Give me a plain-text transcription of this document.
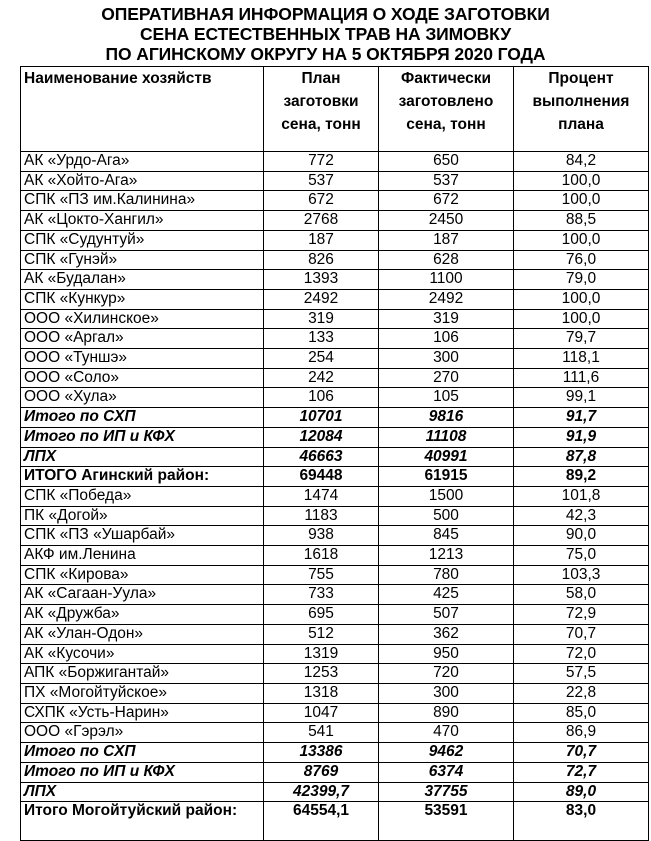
ОПЕРАТИВНАЯ ИНФОРМАЦИЯ О ХОДЕ ЗАГОТОВКИ
СЕНА ЕСТЕСТВЕННЫХ ТРАВ НА ЗИМОВКУ
ПО АГИНСКОМУ ОКРУГУ НА 5 ОКТЯБРЯ 2020 ГОДА
Наименование хозяйств	План заготовки сена, тонн	Фактически заготовлено сена, тонн	Процент выполнения плана
АК «Урдо-Ага»	772	650	84,2
АК «Хойто-Ага»	537	537	100,0
СПК «ПЗ им.Калинина»	672	672	100,0
АК «Цокто-Хангил»	2768	2450	88,5
СПК «Судунтуй»	187	187	100,0
СПК «Гунэй»	826	628	76,0
АК «Будалан»	1393	1100	79,0
СПК «Кункур»	2492	2492	100,0
ООО «Хилинское»	319	319	100,0
ООО «Аргал»	133	106	79,7
ООО «Туншэ»	254	300	118,1
ООО «Соло»	242	270	111,6
ООО «Хула»	106	105	99,1
Итого по СХП	10701	9816	91,7
Итого по ИП и КФХ	12084	11108	91,9
ЛПХ	46663	40991	87,8
ИТОГО Агинский район:	69448	61915	89,2
СПК «Победа»	1474	1500	101,8
ПК «Догой»	1183	500	42,3
СПК «ПЗ «Ушарбай»	938	845	90,0
АКФ им.Ленина	1618	1213	75,0
СПК «Кирова»	755	780	103,3
АК «Сагаан-Уула»	733	425	58,0
АК «Дружба»	695	507	72,9
АК «Улан-Одон»	512	362	70,7
АК «Кусочи»	1319	950	72,0
АПК «Боржигантай»	1253	720	57,5
ПХ «Могойтуйское»	1318	300	22,8
СХПК «Усть-Нарин»	1047	890	85,0
ООО «Гэрэл»	541	470	86,9
Итого по СХП	13386	9462	70,7
Итого по ИП и КФХ	8769	6374	72,7
ЛПХ	42399,7	37755	89,0
Итого Могойтуйский район:	64554,1	53591	83,0
